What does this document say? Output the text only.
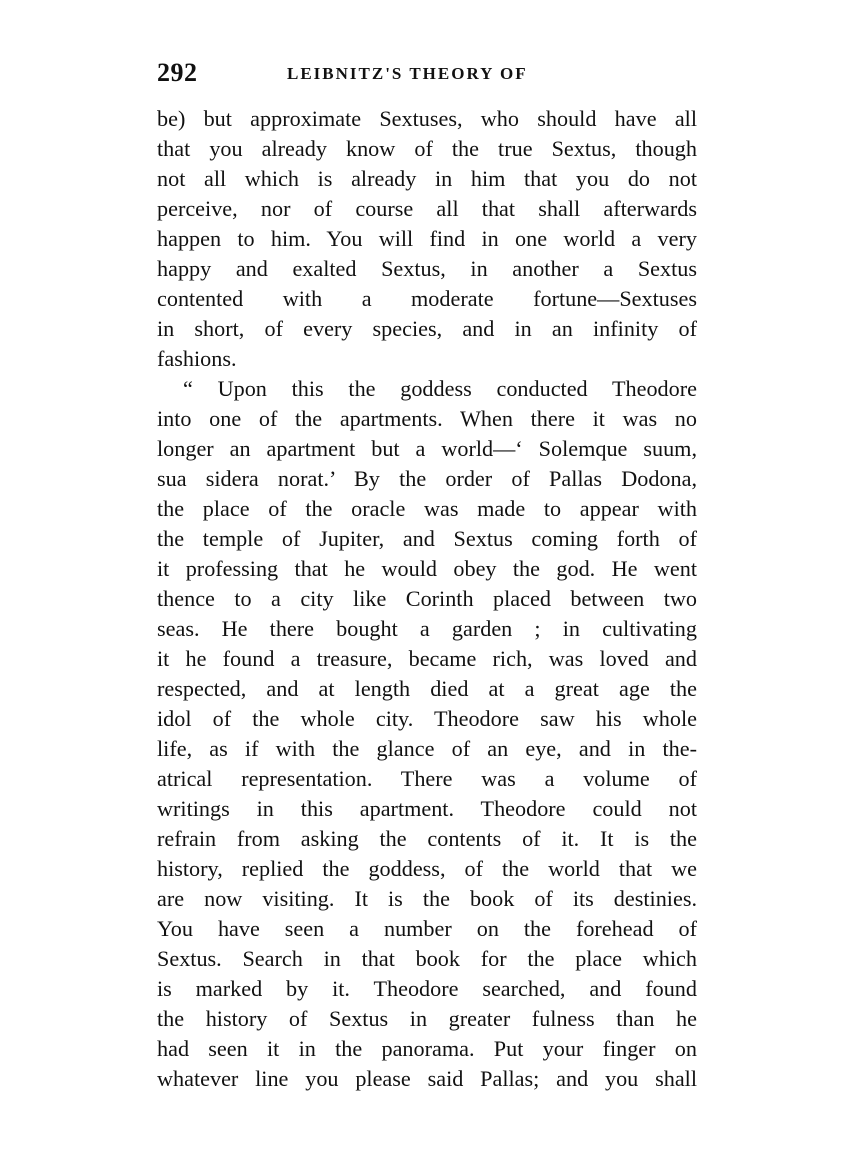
292	LEIBNITZ'S THEORY OF
be) but approximate Sextuses, who should have all
that you already know of the true Sextus, though
not all which is already in him that you do not
perceive, nor of course all that shall afterwards
happen to him. You will find in one world a very
happy and exalted Sextus, in another a Sextus
contented with a moderate fortune—Sextuses
in short, of every species, and in an infinity of
fashions.
“ Upon this the goddess conducted Theodore
into one of the apartments. When there it was no
longer an apartment but a world—‘ Solemque suum,
sua sidera norat.’ By the order of Pallas Dodona,
the place of the oracle was made to appear with
the temple of Jupiter, and Sextus coming forth of
it professing that he would obey the god. He went
thence to a city like Corinth placed between two
seas. He there bought a garden ; in cultivating
it he found a treasure, became rich, was loved and
respected, and at length died at a great age the
idol of the whole city. Theodore saw his whole
life, as if with the glance of an eye, and in the-
atrical representation. There was a volume of
writings in this apartment. Theodore could not
refrain from asking the contents of it. It is the
history, replied the goddess, of the world that we
are now visiting. It is the book of its destinies.
You have seen a number on the forehead of
Sextus. Search in that book for the place which
is marked by it. Theodore searched, and found
the history of Sextus in greater fulness than he
had seen it in the panorama. Put your finger on
whatever line you please said Pallas; and you shall
